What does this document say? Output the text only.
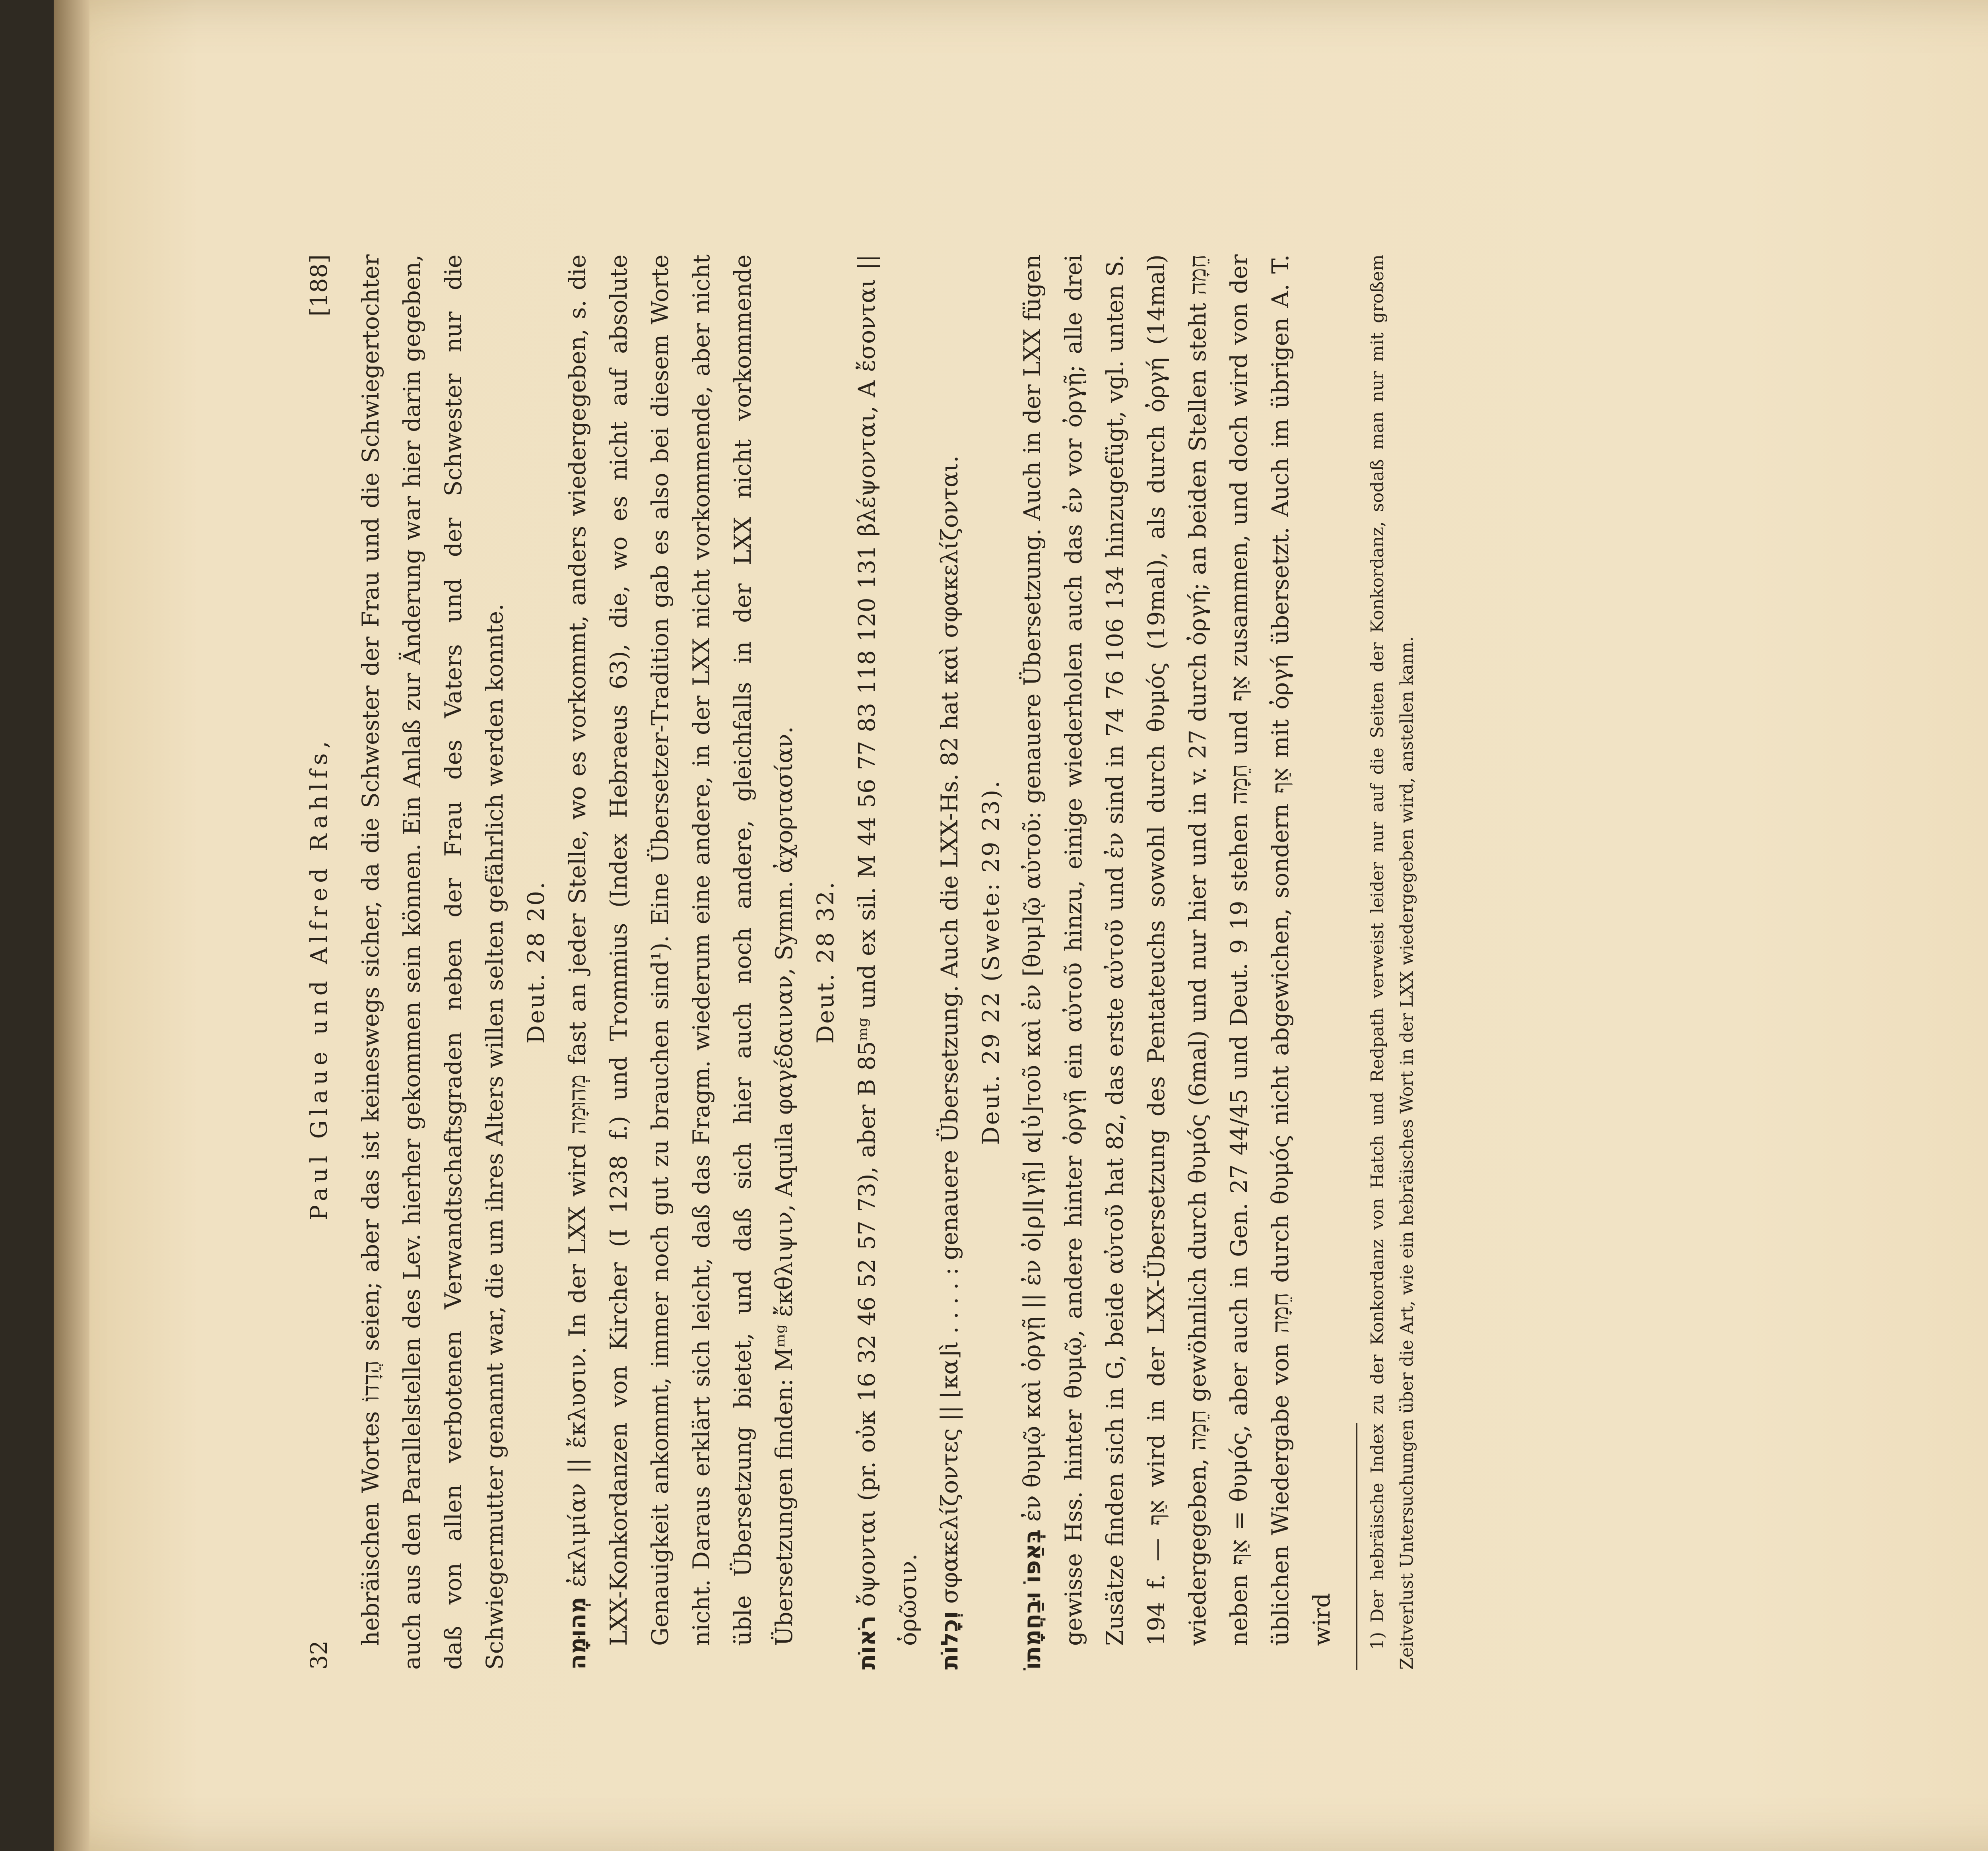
32
Paul Glaue und Alfred Rahlfs,
[188]

hebräischen Wortes הֲדָדוֹ seien; aber das ist keineswegs sicher, da die Schwester der Frau und die Schwiegertochter auch aus den Parallelstellen des Lev. hierher gekommen sein können. Ein Anlaß zur Änderung war hier darin gegeben, daß von allen verbotenen Verwandtschaftsgraden neben der Frau des Vaters und der Schwester nur die Schwiegermutter genannt war, die um ihres Alters willen selten gefährlich werden konnte. Deut. 28 20.

מְהוּמָה ἐκλιμίαν || ἔκλυσιν. In der LXX wird מְהוּמָה fast an jeder Stelle, wo es vorkommt, anders wiedergegeben, s. die LXX-Konkordanzen von Kircher (I 1238 f.) und Trommius (Index Hebraeus 63), die, wo es nicht auf absolute Genauigkeit ankommt, immer noch gut zu brauchen sind¹). Eine Übersetzer-Tradition gab es also bei diesem Worte nicht. Daraus erklärt sich leicht, daß das Fragm. wiederum eine andere, in der LXX nicht vorkommende, aber nicht üble Übersetzung bietet, und daß sich hier auch noch andere, gleichfalls in der LXX nicht vorkommende Übersetzungen finden: Mᵐᵍ ἔκθλιψιν, Aquila φαγέδαιναν, Symm. ἀχορτασίαν. Deut. 28 32.

רֹאוֹת ὄψονται (pr. οὐκ 16 32 46 52 57 73), aber B 85ᵐᵍ und ex sil. M 44 56 77 83 118 120 131 βλέψονται, A ἔσονται || ὁρῶσιν. וְכָלוֹת σφακελίζοντες || ⌊κα⌋ὶ . . . . : genauere Übersetzung. Auch die LXX-Hs. 82 hat καὶ σφακελίζονται. Deut. 29 22 (Swete: 29 23).

בְּאַפּוֹ וּבַחֲמָתוֹ ἐν θυμῷ καὶ ὀργῇ || ἐν ὀ⌊ρ⌋⌊γῇ⌋ α⌊ὐ⌋τοῦ καὶ ἐν [θυμ]ῷ αὐτοῦ: genauere Übersetzung. Auch in der LXX fügen gewisse Hss. hinter θυμῷ, andere hinter ὀργῇ ein αὐτοῦ hinzu, einige wiederholen auch das ἐν vor ὀργῇ; alle drei Zusätze finden sich in G, beide αὐτοῦ hat 82, das erste αὐτοῦ und ἐν sind in 74 76 106 134 hinzugefügt, vgl. unten S. 194 f. — אַף wird in der LXX-Übersetzung des Pentateuchs sowohl durch θυμός (19mal), als durch ὀργή (14mal) wiedergegeben, חֵמָה gewöhnlich durch θυμός (6mal) und nur hier und in v. 27 durch ὀργή; an beiden Stellen steht חֵמָה neben אַף = θυμός, aber auch in Gen. 27 44/45 und Deut. 9 19 stehen חֵמָה und אַף zusammen, und doch wird von der üblichen Wiedergabe von חֵמָה durch θυμός nicht abgewichen, sondern אַף mit ὀργή übersetzt. Auch im übrigen A. T. wird	1) Der hebräische Index zu der Konkordanz von Hatch und Redpath verweist leider nur auf die Seiten der Konkordanz, sodaß man nur mit großem Zeitverlust Untersuchungen über die Art, wie ein hebräisches Wort in der LXX wiedergegeben wird, anstellen kann.
